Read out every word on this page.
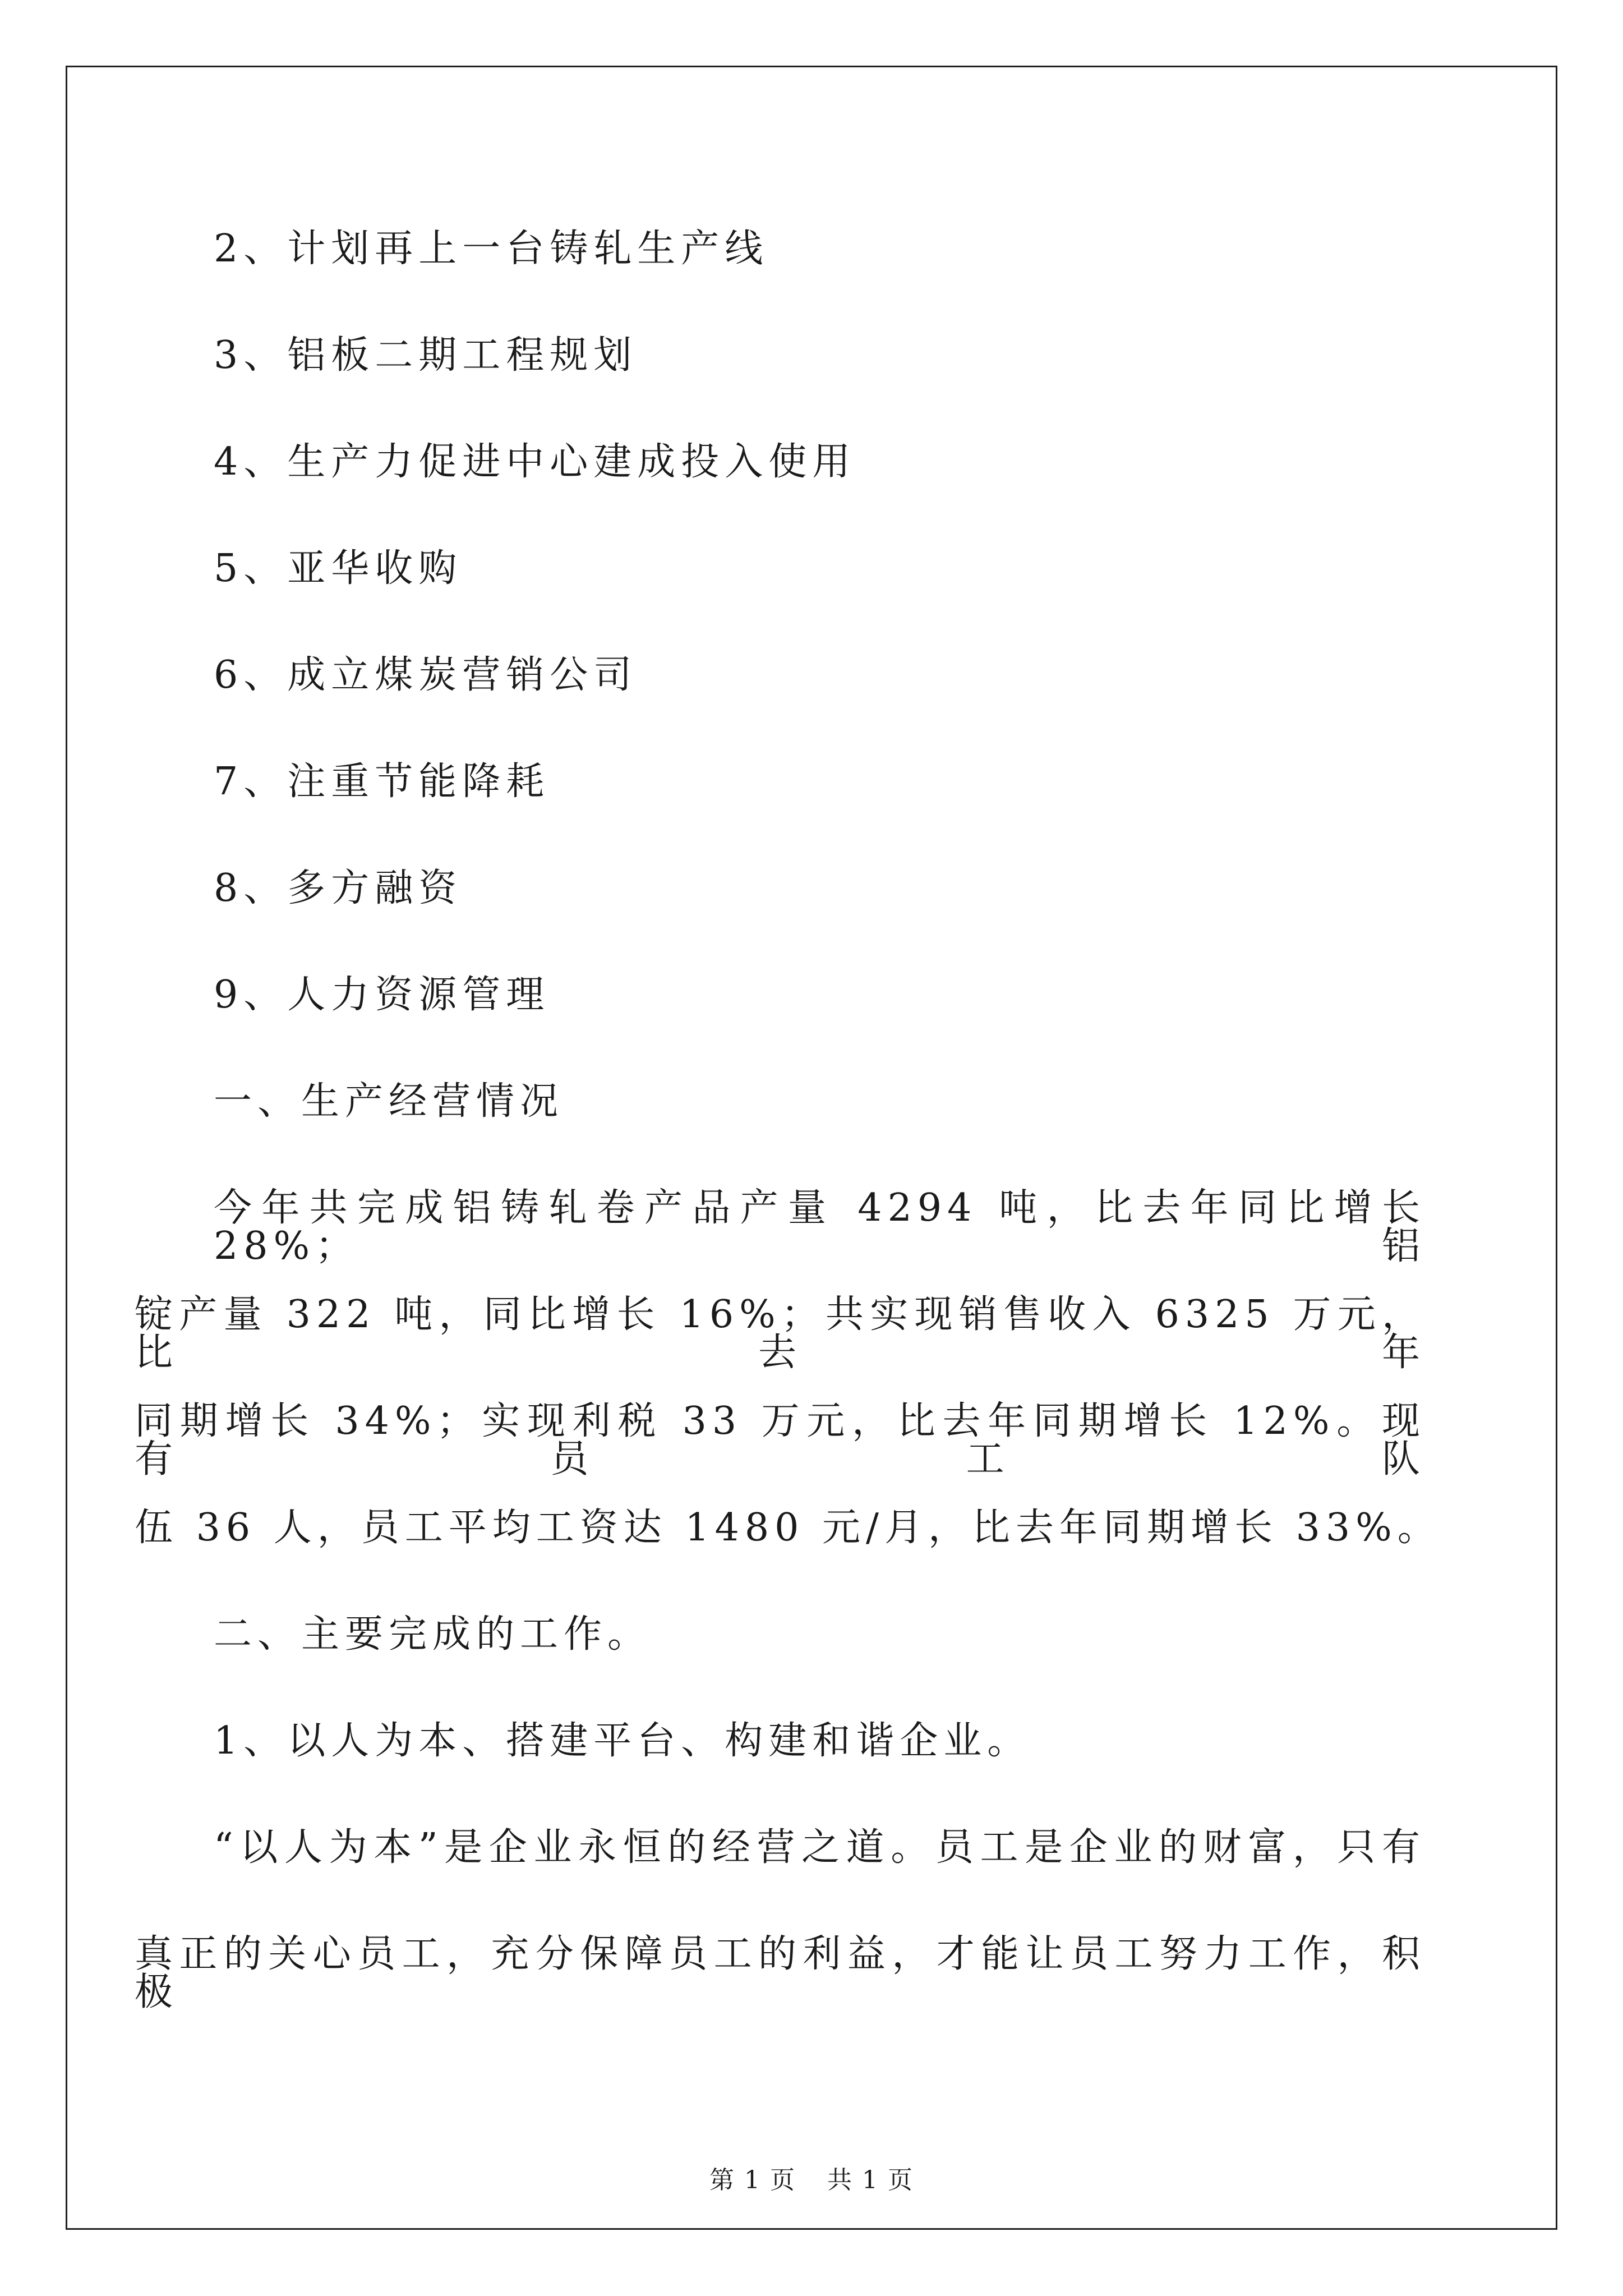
2、计划再上一台铸轧生产线
3、铝板二期工程规划
4、生产力促进中心建成投入使用
5、亚华收购
6、成立煤炭营销公司
7、注重节能降耗
8、多方融资
9、人力资源管理
一、生产经营情况
今年共完成铝铸轧卷产品产量 4294 吨，比去年同比增长 28%；铝
锭产量 322 吨，同比增长 16%；共实现销售收入 6325 万元，比去年
同期增长 34%；实现利税 33 万元，比去年同期增长 12%。现有员工队
伍 36 人，员工平均工资达 1480 元/月，比去年同期增长 33%。
二、主要完成的工作。
1、以人为本、搭建平台、构建和谐企业。
“以人为本”是企业永恒的经营之道。员工是企业的财富，只有
真正的关心员工，充分保障员工的利益，才能让员工努力工作，积极
第 1 页 共 1 页
